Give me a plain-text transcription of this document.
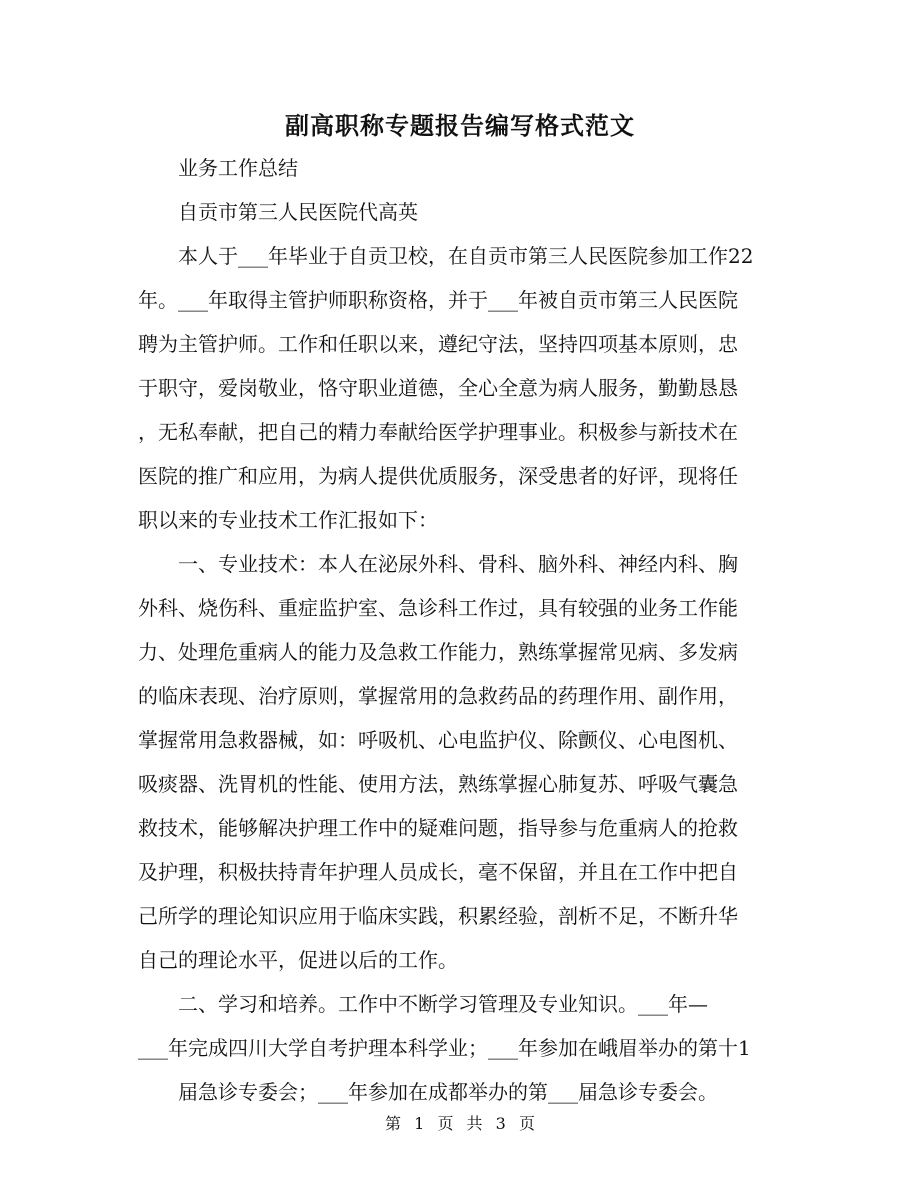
副高职称专题报告编写格式范文
业务工作总结
自贡市第三人民医院代高英
本人于___年毕业于自贡卫校，在自贡市第三人民医院参加工作22
年。___年取得主管护师职称资格，并于___年被自贡市第三人民医院
聘为主管护师。工作和任职以来，遵纪守法，坚持四项基本原则，忠
于职守，爱岗敬业，恪守职业道德，全心全意为病人服务，勤勤恳恳
，无私奉献，把自己的精力奉献给医学护理事业。积极参与新技术在
医院的推广和应用，为病人提供优质服务，深受患者的好评，现将任
职以来的专业技术工作汇报如下：
一、专业技术：本人在泌尿外科、骨科、脑外科、神经内科、胸
外科、烧伤科、重症监护室、急诊科工作过，具有较强的业务工作能
力、处理危重病人的能力及急救工作能力，熟练掌握常见病、多发病
的临床表现、治疗原则，掌握常用的急救药品的药理作用、副作用，
掌握常用急救器械，如：呼吸机、心电监护仪、除颤仪、心电图机、
吸痰器、洗胃机的性能、使用方法，熟练掌握心肺复苏、呼吸气囊急
救技术，能够解决护理工作中的疑难问题，指导参与危重病人的抢救
及护理，积极扶持青年护理人员成长，毫不保留，并且在工作中把自
己所学的理论知识应用于临床实践，积累经验，剖析不足，不断升华
自己的理论水平，促进以后的工作。
二、学习和培养。工作中不断学习管理及专业知识。___年—
___年完成四川大学自考护理本科学业；___年参加在峨眉举办的第十1
届急诊专委会；___年参加在成都举办的第___届急诊专委会。
第 1 页 共 3 页
